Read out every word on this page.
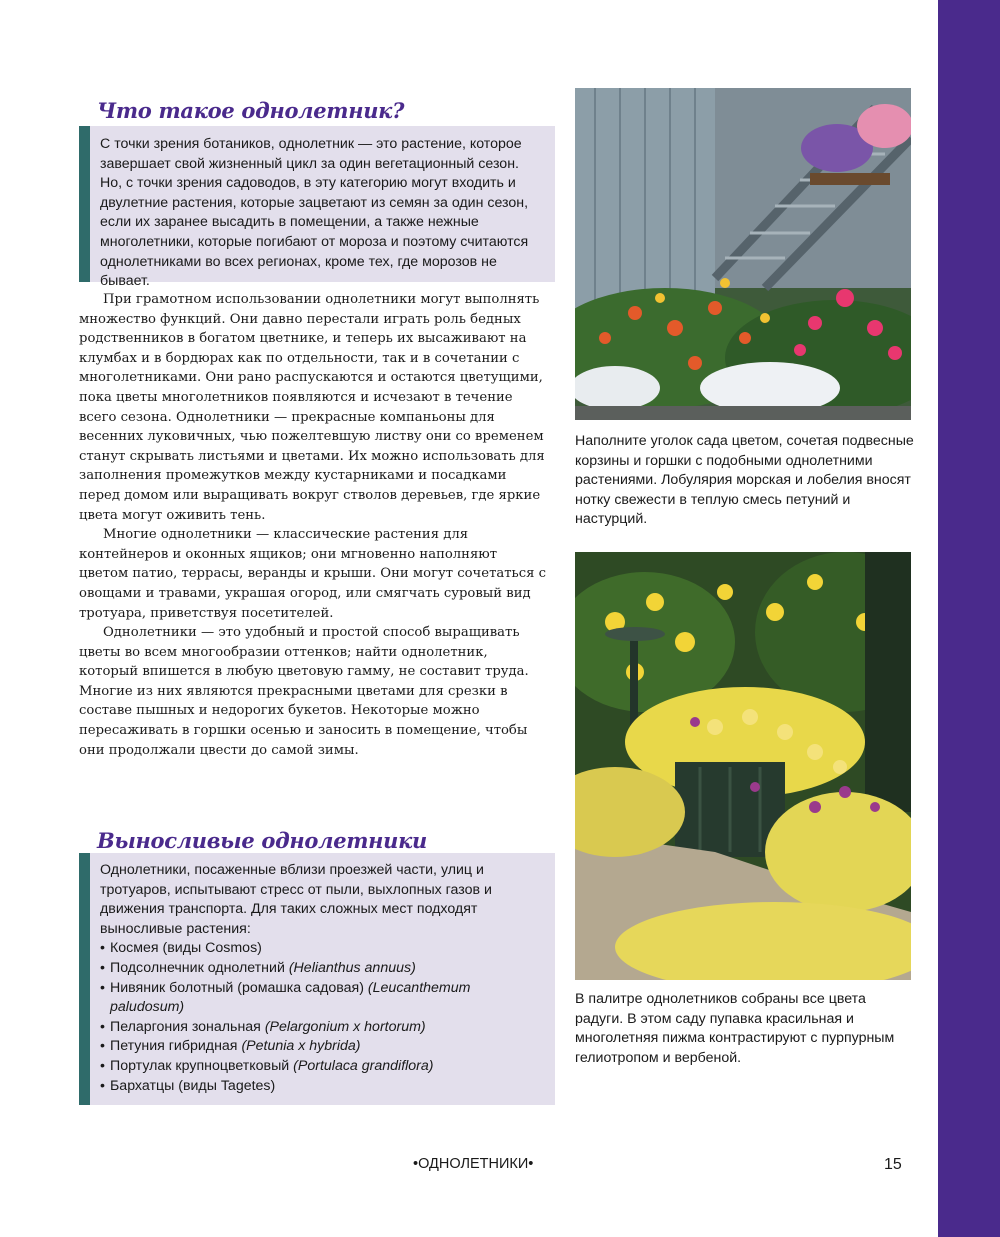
Что такое однолетник?

С точки зрения ботаников, однолетник — это растение, которое завершает свой жизненный цикл за один вегетационный сезон. Но, с точки зрения садоводов, в эту категорию могут входить и двулетние растения, которые зацветают из семян за один сезон, если их заранее высадить в помещении, а также нежные многолетники, которые погибают от мороза и поэтому считаются однолетниками во всех регионах, кроме тех, где морозов не бывает.

При грамотном использовании однолетники могут выполнять множество функций. Они давно перестали играть роль бедных родственников в богатом цветнике, и теперь их высаживают на клумбах и в бордюрах как по отдельности, так и в сочетании с многолетниками. Они рано распускаются и остаются цветущими, пока цветы многолетников появляются и исчезают в течение всего сезона. Однолетники — прекрасные компаньоны для весенних луковичных, чью пожелтевшую листву они со временем станут скрывать листьями и цветами. Их можно использовать для заполнения промежутков между кустарниками и посадками перед домом или выращивать вокруг стволов деревьев, где яркие цвета могут оживить тень.

Многие однолетники — классические растения для контейнеров и оконных ящиков; они мгновенно наполняют цветом патио, террасы, веранды и крыши. Они могут сочетаться с овощами и травами, украшая огород, или смягчать суровый вид тротуара, приветствуя посетителей.

Однолетники — это удобный и простой способ выращивать цветы во всем многообразии оттенков; найти однолетник, который впишется в любую цветовую гамму, не составит труда. Многие из них являются прекрасными цветами для срезки в составе пышных и недорогих букетов. Некоторые можно пересаживать в горшки осенью и заносить в помещение, чтобы они продолжали цвести до самой зимы.

Выносливые однолетники

Однолетники, посаженные вблизи проезжей части, улиц и тротуаров, испытывают стресс от пыли, выхлопных газов и движения транспорта. Для таких сложных мест подходят выносливые растения:

• Космея (виды Cosmos)
• Подсолнечник однолетний (Helianthus annuus)
• Нивяник болотный (ромашка садовая) (Leucanthemum paludosum)
• Пеларгония зональная (Pelargonium x hortorum)
• Петуния гибридная (Petunia x hybrida)
• Портулак крупноцветковый (Portulaca grandiflora)
• Бархатцы (виды Tagetes)
Наполните уголок сада цветом, сочетая подвесные корзины и горшки с подобными однолетними растениями. Лобулярия морская и лобелия вносят нотку свежести в теплую смесь петуний и настурций.
В палитре однолетников собраны все цвета радуги. В этом саду пупавка красильная и многолетняя пижма контрастируют с пурпурным гелиотропом и вербеной.
•ОДНОЛЕТНИКИ•	15
